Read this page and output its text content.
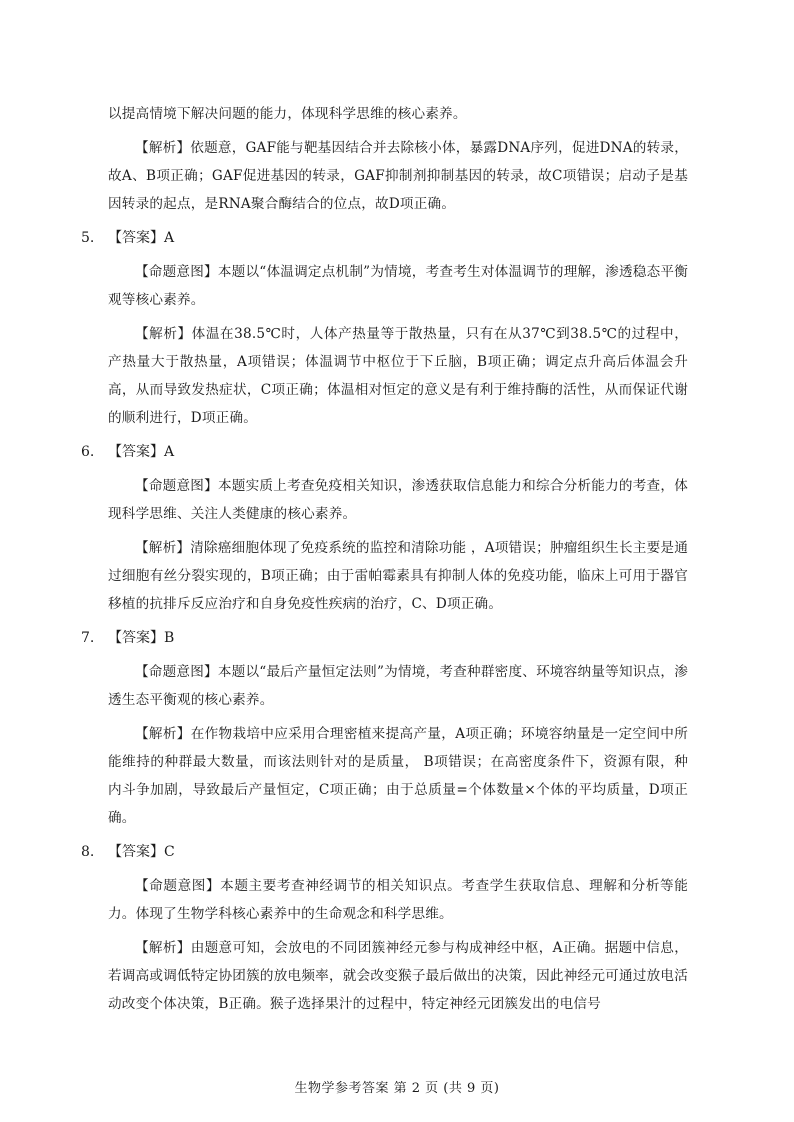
以提高情境下解决问题的能力，体现科学思维的核心素养。

【解析】依题意，GAF能与靶基因结合并去除核小体，暴露DNA序列，促进DNA的转录，故A、B项正确；GAF促进基因的转录，GAF抑制剂抑制基因的转录，故C项错误；启动子是基因转录的起点，是RNA聚合酶结合的位点，故D项正确。

5. 【答案】A

【命题意图】本题以“体温调定点机制”为情境，考查考生对体温调节的理解，渗透稳态平衡观等核心素养。

【解析】体温在38.5℃时，人体产热量等于散热量，只有在从37℃到38.5℃的过程中，产热量大于散热量，A项错误；体温调节中枢位于下丘脑，B项正确；调定点升高后体温会升高，从而导致发热症状，C项正确；体温相对恒定的意义是有利于维持酶的活性，从而保证代谢的顺利进行，D项正确。

6. 【答案】A

【命题意图】本题实质上考查免疫相关知识，渗透获取信息能力和综合分析能力的考查，体现科学思维、关注人类健康的核心素养。

【解析】清除癌细胞体现了免疫系统的监控和清除功能 ，A项错误；肿瘤组织生长主要是通过细胞有丝分裂实现的，B项正确；由于雷帕霉素具有抑制人体的免疫功能，临床上可用于器官移植的抗排斥反应治疗和自身免疫性疾病的治疗，C、D项正确。

7. 【答案】B

【命题意图】本题以“最后产量恒定法则”为情境，考查种群密度、环境容纳量等知识点，渗透生态平衡观的核心素养。

【解析】在作物栽培中应采用合理密植来提高产量，A项正确；环境容纳量是一定空间中所能维持的种群最大数量，而该法则针对的是质量， B项错误；在高密度条件下，资源有限，种内斗争加剧，导致最后产量恒定，C项正确；由于总质量=个体数量×个体的平均质量，D项正确。

8. 【答案】C

【命题意图】本题主要考查神经调节的相关知识点。考查学生获取信息、理解和分析等能力。体现了生物学科核心素养中的生命观念和科学思维。

【解析】由题意可知，会放电的不同团簇神经元参与构成神经中枢，A正确。据题中信息，若调高或调低特定协团簇的放电频率，就会改变猴子最后做出的决策，因此神经元可通过放电活动改变个体决策，B正确。猴子选择果汁的过程中，特定神经元团簇发出的电信号

生物学参考答案 第 2 页 (共 9 页)
